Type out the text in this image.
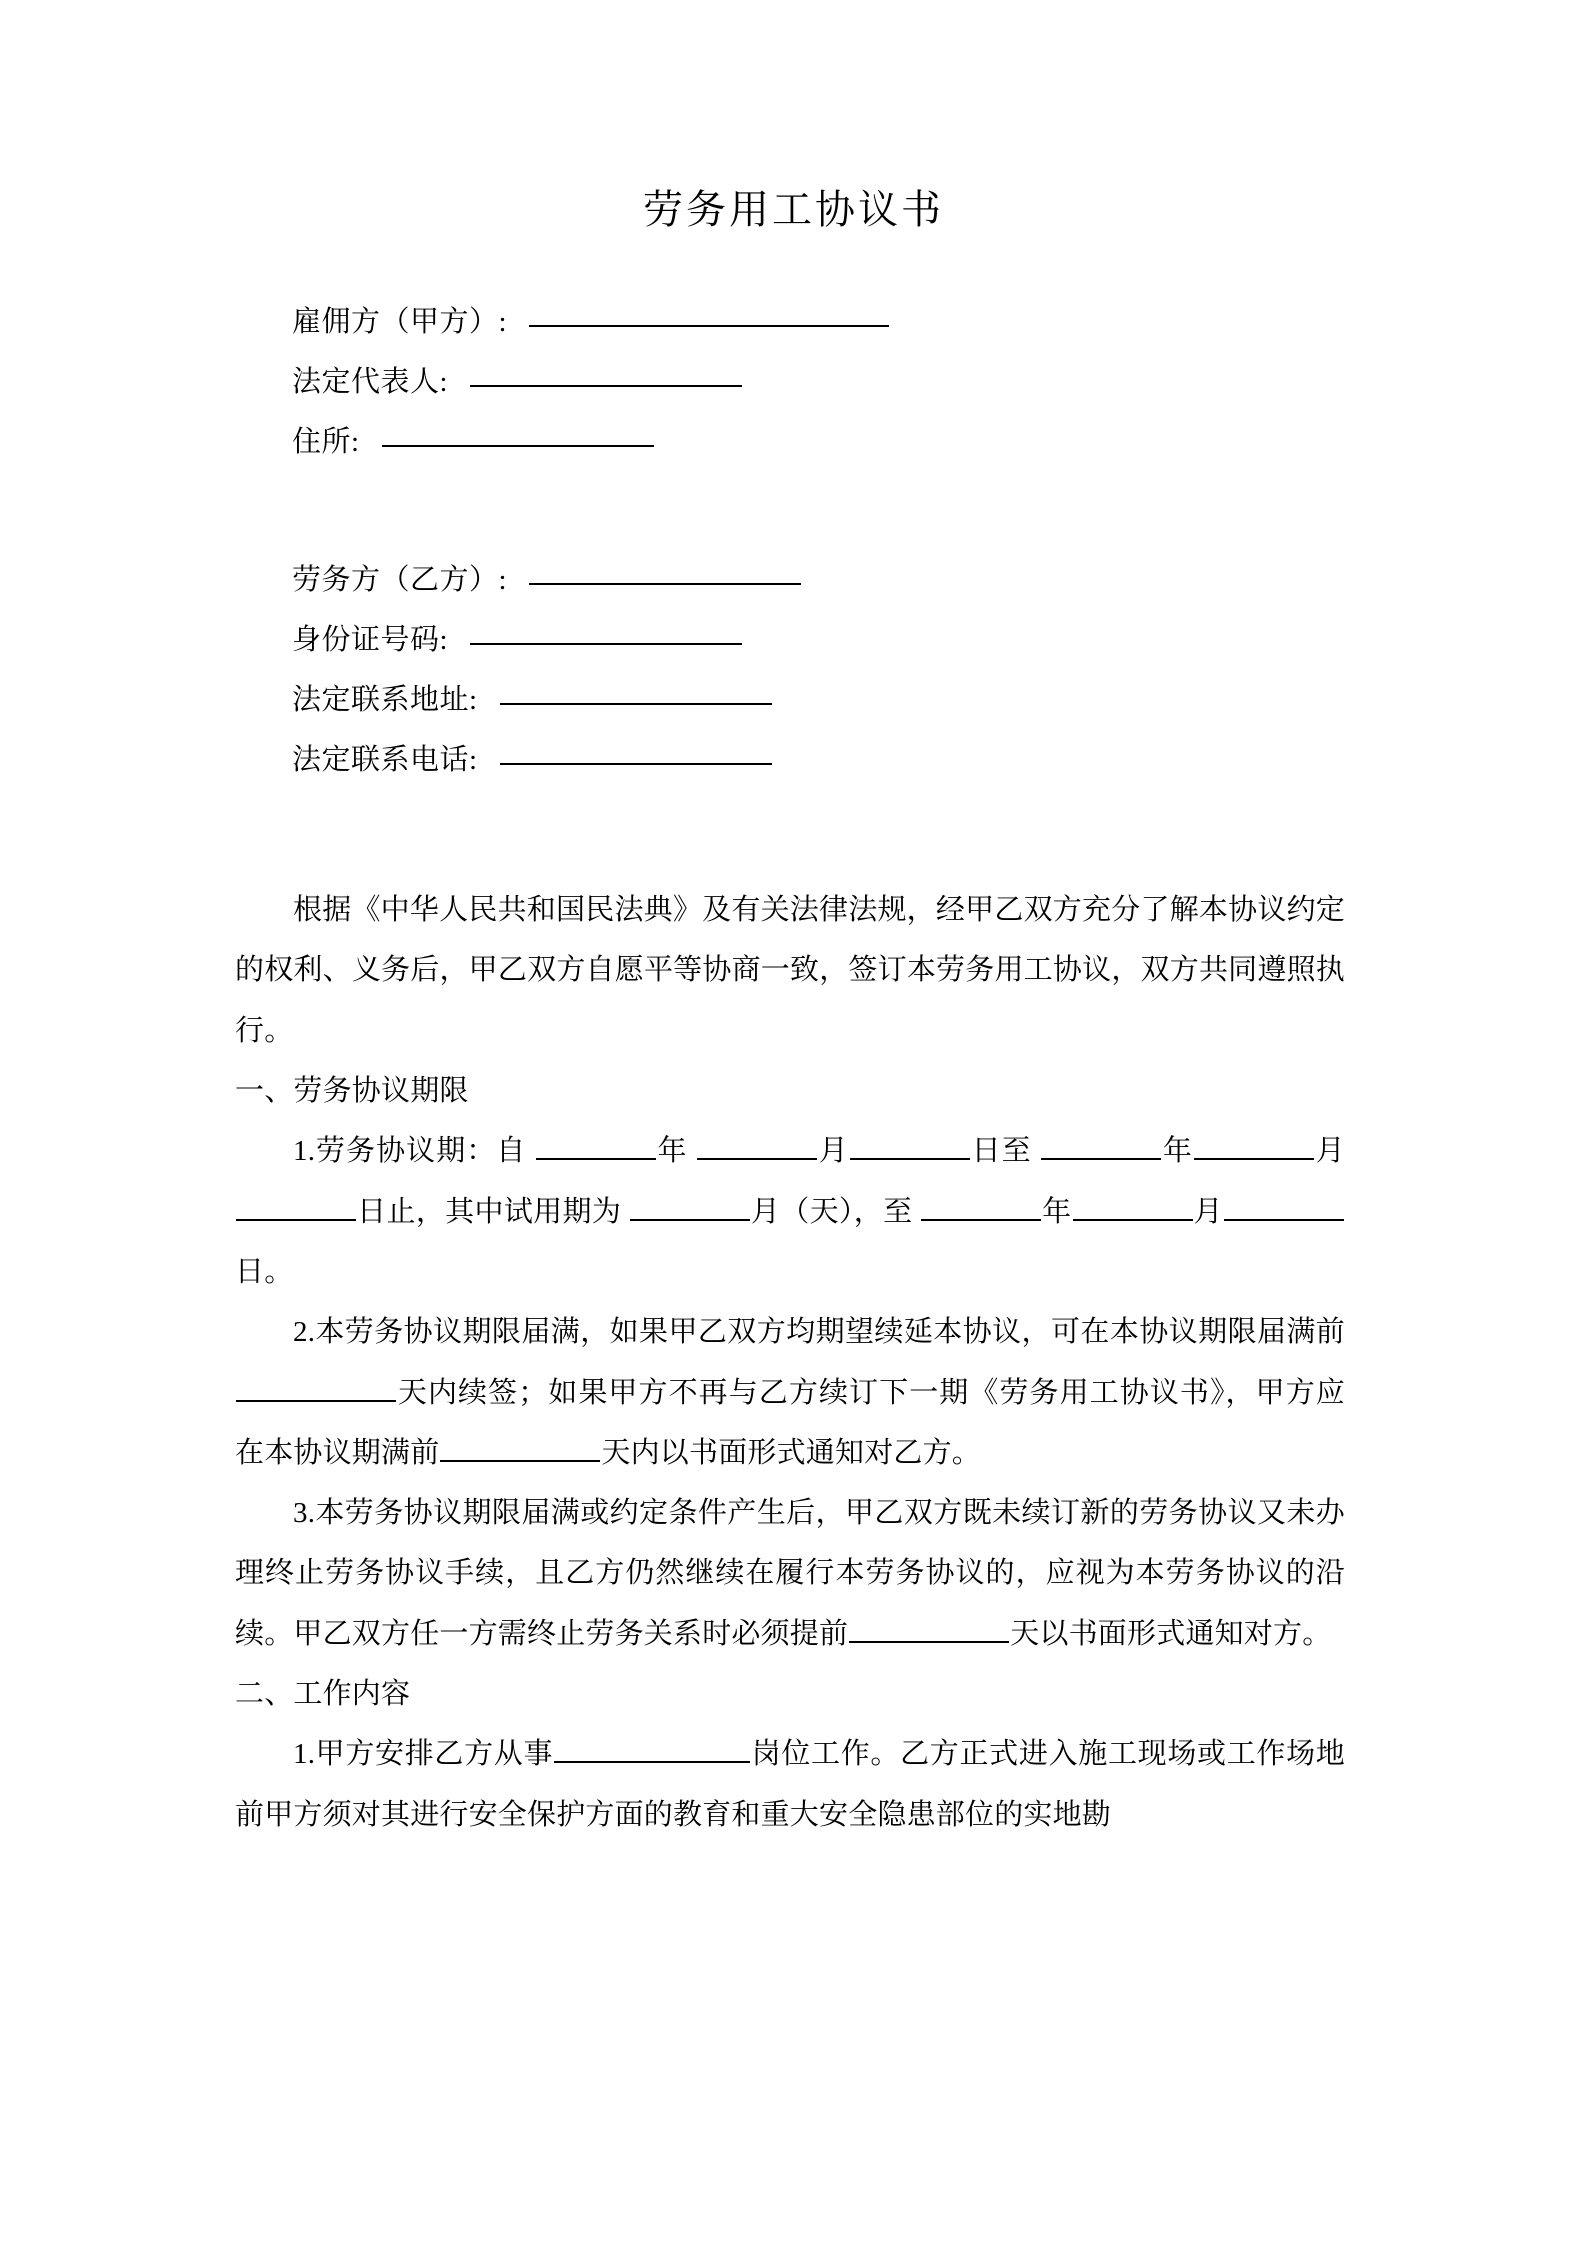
劳务用工协议书
雇佣方（甲方）:
法定代表人:
住所:
劳务方（乙方）:
身份证号码:
法定联系地址:
法定联系电话:

根据《中华人民共和国民法典》及有关法律法规，经甲乙双方充分了解本协议约定的权利、义务后，甲乙双方自愿平等协商一致，签订本劳务用工协议，双方共同遵照执行。

一、劳务协议期限

1.劳务协议期：自	年	月	日至	年	月日止，其中试用期为	月（天），至	年	月日。

2.本劳务协议期限届满，如果甲乙双方均期望续延本协议，可在本协议期限届满前天内续签；如果甲方不再与乙方续订下一期《劳务用工协议书》，甲方应在本协议期满前	天内以书面形式通知对乙方。

3.本劳务协议期限届满或约定条件产生后，甲乙双方既未续订新的劳务协议又未办理终止劳务协议手续，且乙方仍然继续在履行本劳务协议的，应视为本劳务协议的沿续。甲乙双方任一方需终止劳务关系时必须提前	天以书面形式通知对方。

二、工作内容

1.甲方安排乙方从事	岗位工作。乙方正式进入施工现场或工作场地前甲方须对其进行安全保护方面的教育和重大安全隐患部位的实地勘
